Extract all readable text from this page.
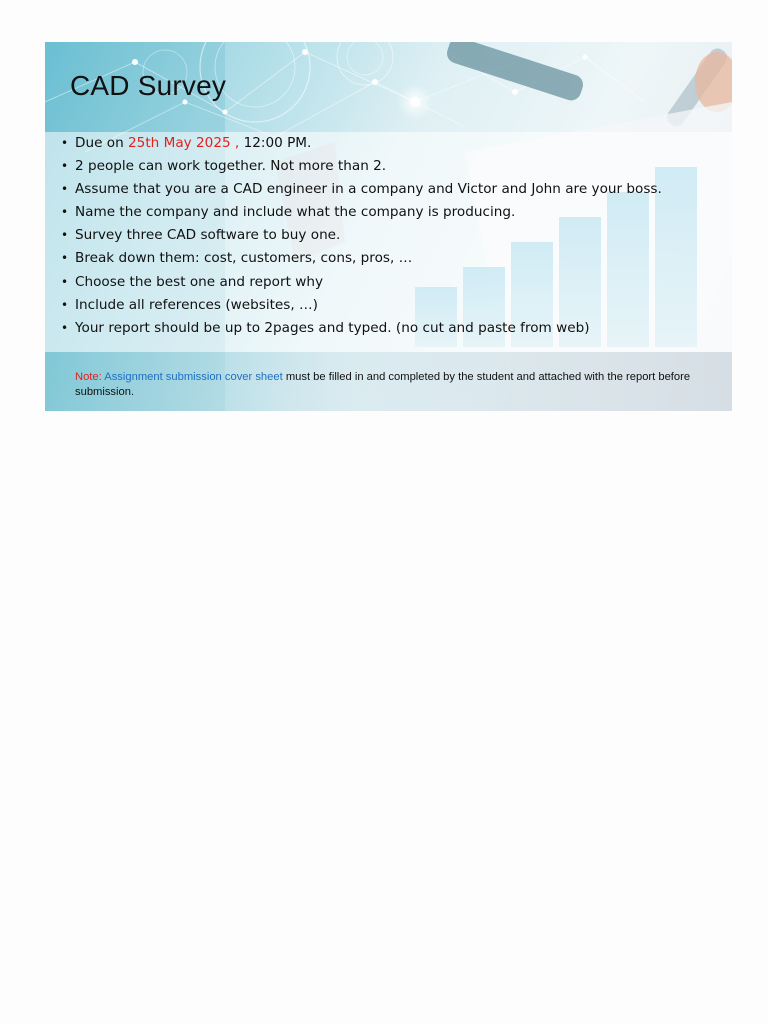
CAD Survey
• Due on 25th May 2025 , 12:00 PM.
• 2 people can work together. Not more than 2.
• Assume that you are a CAD engineer in a company and Victor and John are your boss.
• Name the company and include what the company is producing.
• Survey three CAD software to buy one.
• Break down them: cost, customers, cons, pros, …
• Choose the best one and report why
• Include all references (websites, …)
• Your report should be up to 2pages and typed. (no cut and paste from web)

Note: Assignment submission cover sheet must be filled in and completed by the student and attached with the report before submission.
